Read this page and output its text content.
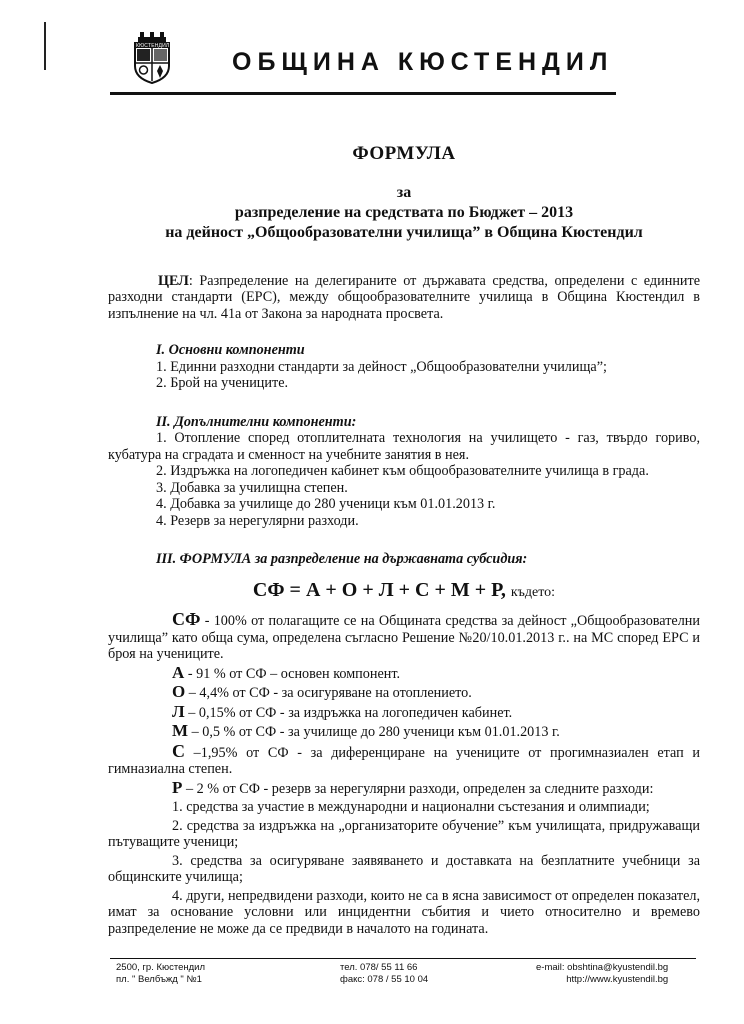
КЮСТЕНДИЛ
ОБЩИНА КЮСТЕНДИЛ
ФОРМУЛА
за
разпределение на средствата по Бюджет – 2013
на дейност „Общообразователни училища” в Община Кюстендил

ЦЕЛ: Разпределение на делегираните от държавата средства, определени с единните разходни стандарти (ЕРС), между общообразователните училища в Община Кюстендил в изпълнение на чл. 41а от Закона за народната просвета.

I. Основни компоненти
1. Единни разходни стандарти за дейност „Общообразователни училища”;
2. Брой на учениците.
II. Допълнителни компоненти:
1. Отопление според отоплителната технология на училището - газ, твърдо гориво, кубатура на сградата и сменност на учебните занятия в нея.
2. Издръжка на логопедичен кабинет към общообразователните училища в града.
3. Добавка за училищна степен.
4. Добавка за училище до 280 ученици към 01.01.2013 г.
4. Резерв за нерегулярни разходи.
III. ФОРМУЛА за разпределение на държавната субсидия:
СФ = А + О + Л + С + М + Р, където:

СФ - 100% от полагащите се на Общината средства за дейност „Общообразователни училища” като обща сума, определена съгласно Решение №20/10.01.2013 г.. на МС според ЕРС и броя на учениците.

А - 91 % от СФ – основен компонент.

О – 4,4% от СФ - за осигуряване на отоплението.

Л – 0,15% от СФ - за издръжка на логопедичен кабинет.

М – 0,5 % от СФ - за училище до 280 ученици към 01.01.2013 г.

С –1,95% от СФ - за диференциране на учениците от прогимназиален етап и гимназиална степен.

Р – 2 % от СФ - резерв за нерегулярни разходи, определен за следните разходи:

1. средства за участие в международни и национални състезания и олимпиади;

2. средства за издръжка на „организаторите обучение” към училищата, придружаващи пътуващите ученици;

3. средства за осигуряване заявяването и доставката на безплатните учебници за общинските училища;

4. други, непредвидени разходи, които не са в ясна зависимост от определен показател, имат за основание условни или инцидентни събития и чието относително и времево разпределение не може да се предвиди в началото на годината.

2500, гр. Кюстендил
пл. " Велбъжд " №1
тел. 078/ 55 11 66
факс: 078 / 55 10 04
e-mail: obshtina@kyustendil.bg
http://www.kyustendil.bg
